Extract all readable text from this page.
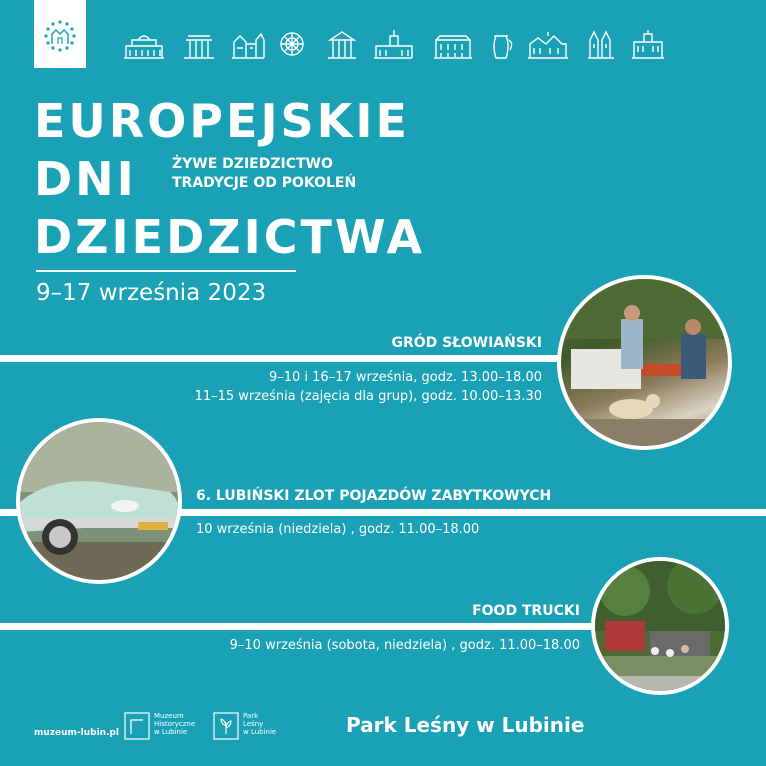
EUROPEJSKIE
DNI
DZIEDZICTWA
ŻYWE DZIEDZICTWO
TRADYCJE OD POKOLEŃ
9–17 września 2023
GRÓD SŁOWIAŃSKI
9–10 i 16–17 września, godz. 13.00–18.00
11–15 września (zajęcia dla grup), godz. 10.00–13.30
6. LUBIŃSKI ZLOT POJAZDÓW ZABYTKOWYCH
10 września (niedziela) , godz. 11.00–18.00
FOOD TRUCKI
9–10 września (sobota, niedziela) , godz. 11.00–18.00
muzeum-lubin.pl
Muzeum
Historyczne
w Lubinie
Park
Leśny
w Lubinie	Park Leśny w Lubinie
